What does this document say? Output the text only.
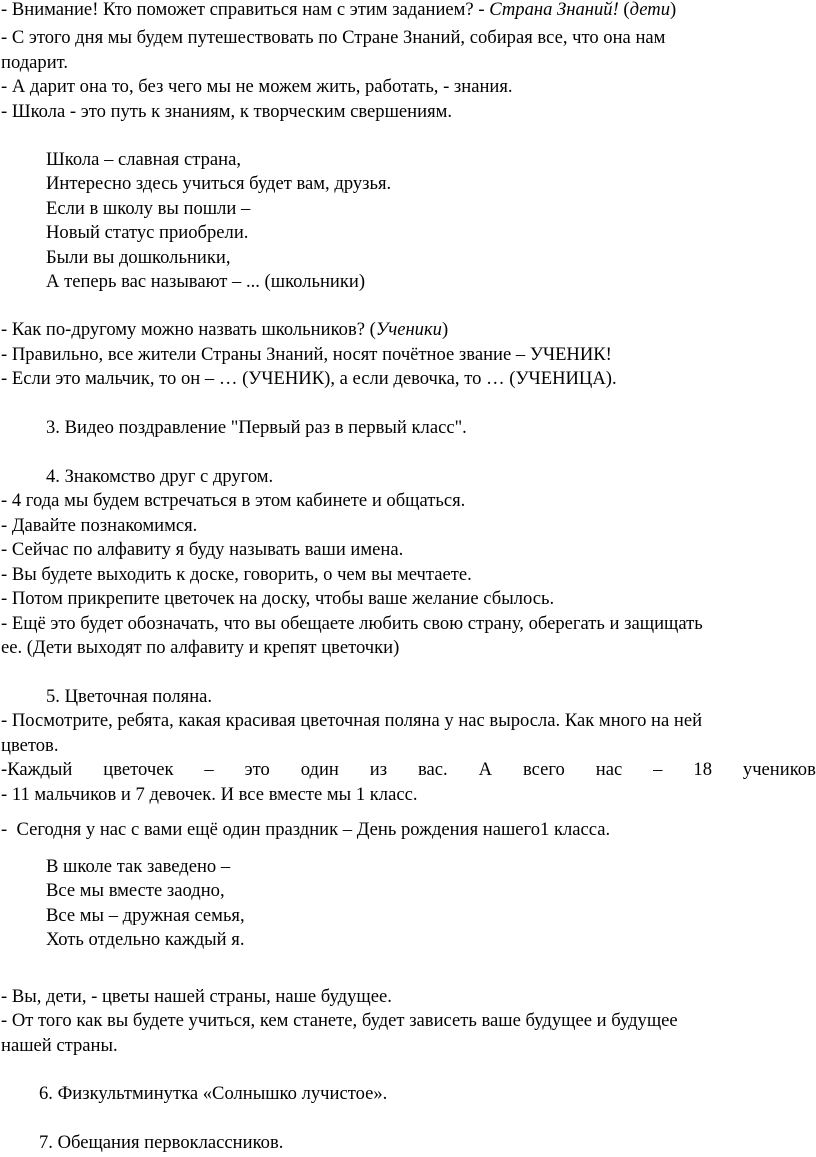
- Внимание! Кто поможет справиться нам с этим заданием? - Страна Знаний! (дети)
- С этого дня мы будем путешествовать по Стране Знаний, собирая все, что она нам
подарит.
- А дарит она то, без чего мы не можем жить, работать, - знания.
- Школа - это путь к знаниям, к творческим свершениям.
Школа – славная страна,
Интересно здесь учиться будет вам, друзья.
Если в школу вы пошли –
Новый статус приобрели.
Были вы дошкольники,
А теперь вас называют – ... (школьники)
- Как по-другому можно назвать школьников? (Ученики)
- Правильно, все жители Страны Знаний, носят почётное звание – УЧЕНИК!
- Если это мальчик, то он – … (УЧЕНИК), а если девочка, то … (УЧЕНИЦА).
3. Видео поздравление "Первый раз в первый класс".
4. Знакомство друг с другом.
- 4 года мы будем встречаться в этом кабинете и общаться.
- Давайте познакомимся.
- Сейчас по алфавиту я буду называть ваши имена.
- Вы будете выходить к доске, говорить, о чем вы мечтаете.
- Потом прикрепите цветочек на доску, чтобы ваше желание сбылось.
- Ещё это будет обозначать, что вы обещаете любить свою страну, оберегать и защищать
ее. (Дети выходят по алфавиту и крепят цветочки)
5. Цветочная поляна.
- Посмотрите, ребята, какая красивая цветочная поляна у нас выросла. Как много на ней
цветов.
-Каждый цветочек – это один из вас. А всего нас – 18 учеников
- 11 мальчиков и 7 девочек. И все вместе мы 1 класс.
-  Сегодня у нас с вами ещё один праздник – День рождения нашего1 класса.
В школе так заведено –
Все мы вместе заодно,
Все мы – дружная семья,
Хоть отдельно каждый я.
- Вы, дети, - цветы нашей страны, наше будущее.
- От того как вы будете учиться, кем станете, будет зависеть ваше будущее и будущее
нашей страны.
6. Физкультминутка «Солнышко лучистое».
7. Обещания первоклассников.
